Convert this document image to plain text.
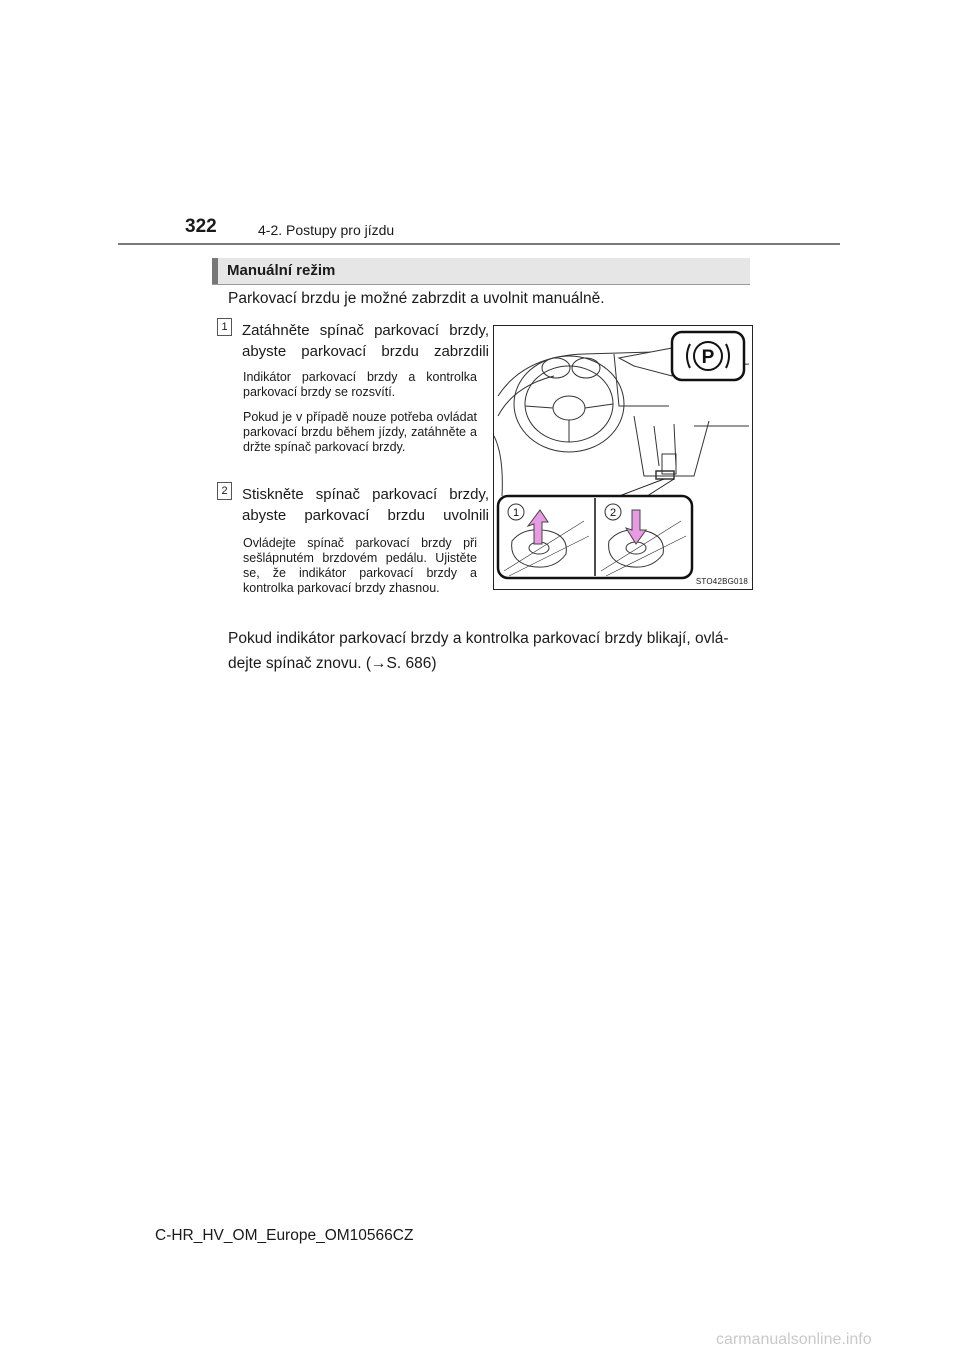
322	4-2. Postupy pro jízdu
Manuální režim
Parkovací brzdu je možné zabrzdit a uvolnit manuálně.
1 Zatáhněte spínač parkovací brzdy,
abyste parkovací brzdu zabrzdili
Indikátor parkovací brzdy a kontrolka parkovací brzdy se rozsvítí.
Pokud je v případě nouze potřeba ovládat parkovací brzdu během jízdy, zatáhněte a držte spínač parkovací brzdy.
2 Stiskněte spínač parkovací brzdy,
abyste parkovací brzdu uvolnili
Ovládejte spínač parkovací brzdy při sešlápnutém brzdovém pedálu. Ujistěte se, že indikátor parkovací brzdy a kontrolka parkovací brzdy zhasnou.
P
1	2
STO42BG018
Pokud indikátor parkovací brzdy a kontrolka parkovací brzdy blikají, ovlá-
dejte spínač znovu. (→S. 686)
C-HR_HV_OM_Europe_OM10566CZ
carmanualsonline.info
